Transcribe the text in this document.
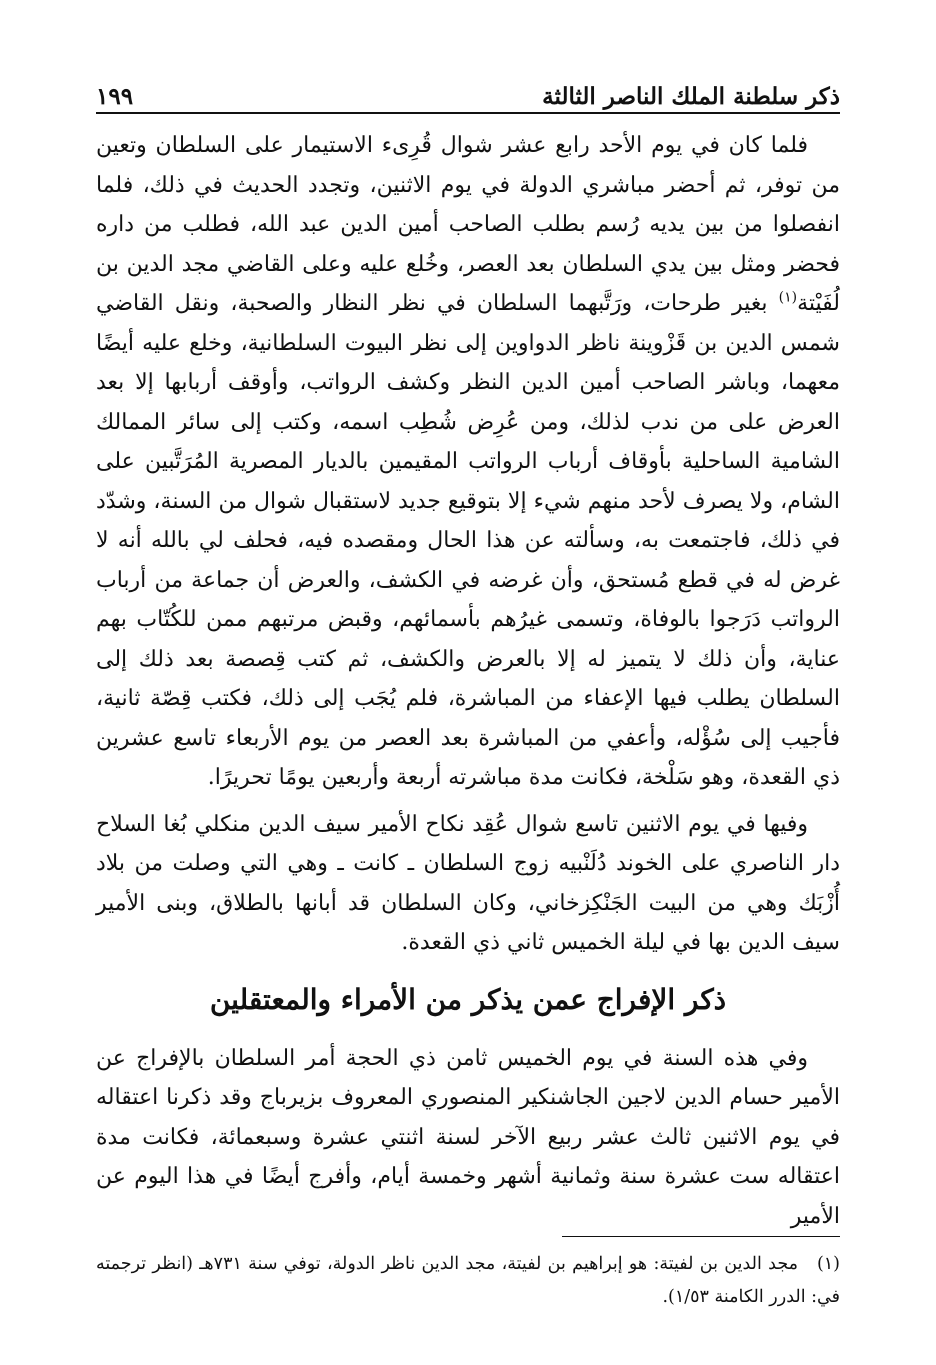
ذكر سلطنة الملك الناصر الثالثة
١٩٩

فلما كان في يوم الأحد رابع عشر شوال قُرِىء الاستيمار على السلطان وتعين من توفر، ثم أحضر مباشري الدولة في يوم الاثنين، وتجدد الحديث في ذلك، فلما انفصلوا من بين يديه رُسم بطلب الصاحب أمين الدين عبد الله، فطلب من داره فحضر ومثل بين يدي السلطان بعد العصر، وخُلع عليه وعلى القاضي مجد الدين بن لُفَيْتة$^{(١)}$ بغير طرحات، ورَتَّبهما السلطان في نظر النظار والصحبة، ونقل القاضي شمس الدين بن قَزْوينة ناظر الدواوين إلى نظر البيوت السلطانية، وخلع عليه أيضًا معهما، وباشر الصاحب أمين الدين النظر وكشف الرواتب، وأوقف أربابها إلا بعد العرض على من ندب لذلك، ومن عُرِض شُطِب اسمه، وكتب إلى سائر الممالك الشامية الساحلية بأوقاف أرباب الرواتب المقيمين بالديار المصرية المُرَتَّبين على الشام، ولا يصرف لأحد منهم شيء إلا بتوقيع جديد لاستقبال شوال من السنة، وشدّد في ذلك، فاجتمعت به، وسألته عن هذا الحال ومقصده فيه، فحلف لي بالله أنه لا غرض له في قطع مُستحق، وأن غرضه في الكشف، والعرض أن جماعة من أرباب الرواتب دَرَجوا بالوفاة، وتسمى غيرُهم بأسمائهم، وقبض مرتبهم ممن للكُتّاب بهم عناية، وأن ذلك لا يتميز له إلا بالعرض والكشف، ثم كتب قِصصة بعد ذلك إلى السلطان يطلب فيها الإعفاء من المباشرة، فلم يُجَب إلى ذلك، فكتب قِصّة ثانية، فأجيب إلى سُؤْله، وأعفي من المباشرة بعد العصر من يوم الأربعاء تاسع عشرين ذي القعدة، وهو سَلْخة، فكانت مدة مباشرته أربعة وأربعين يومًا تحريرًا.

وفيها في يوم الاثنين تاسع شوال عُقِد نكاح الأمير سيف الدين منكلي بُغا السلاح دار الناصري على الخوند دُلَنْبيه زوج السلطان ـ كانت ـ وهي التي وصلت من بلاد أُزْبَك وهي من البيت الجَنْكِزخاني، وكان السلطان قد أبانها بالطلاق، وبنى الأمير سيف الدين بها في ليلة الخميس ثاني ذي القعدة.

ذكر الإفراج عمن يذكر من الأمراء والمعتقلين

وفي هذه السنة في يوم الخميس ثامن ذي الحجة أمر السلطان بالإفراج عن الأمير حسام الدين لاجين الجاشنكير المنصوري المعروف بزيرباج وقد ذكرنا اعتقاله في يوم الاثنين ثالث عشر ربيع الآخر لسنة اثنتي عشرة وسبعمائة، فكانت مدة اعتقاله ست عشرة سنة وثمانية أشهر وخمسة أيام، وأفرج أيضًا في هذا اليوم عن الأمير

(١)   مجد الدين بن لفيتة: هو إبراهيم بن لفيتة، مجد الدين ناظر الدولة، توفي سنة ٧٣١هـ (انظر ترجمته في: الدرر الكامنة ١/٥٣).
